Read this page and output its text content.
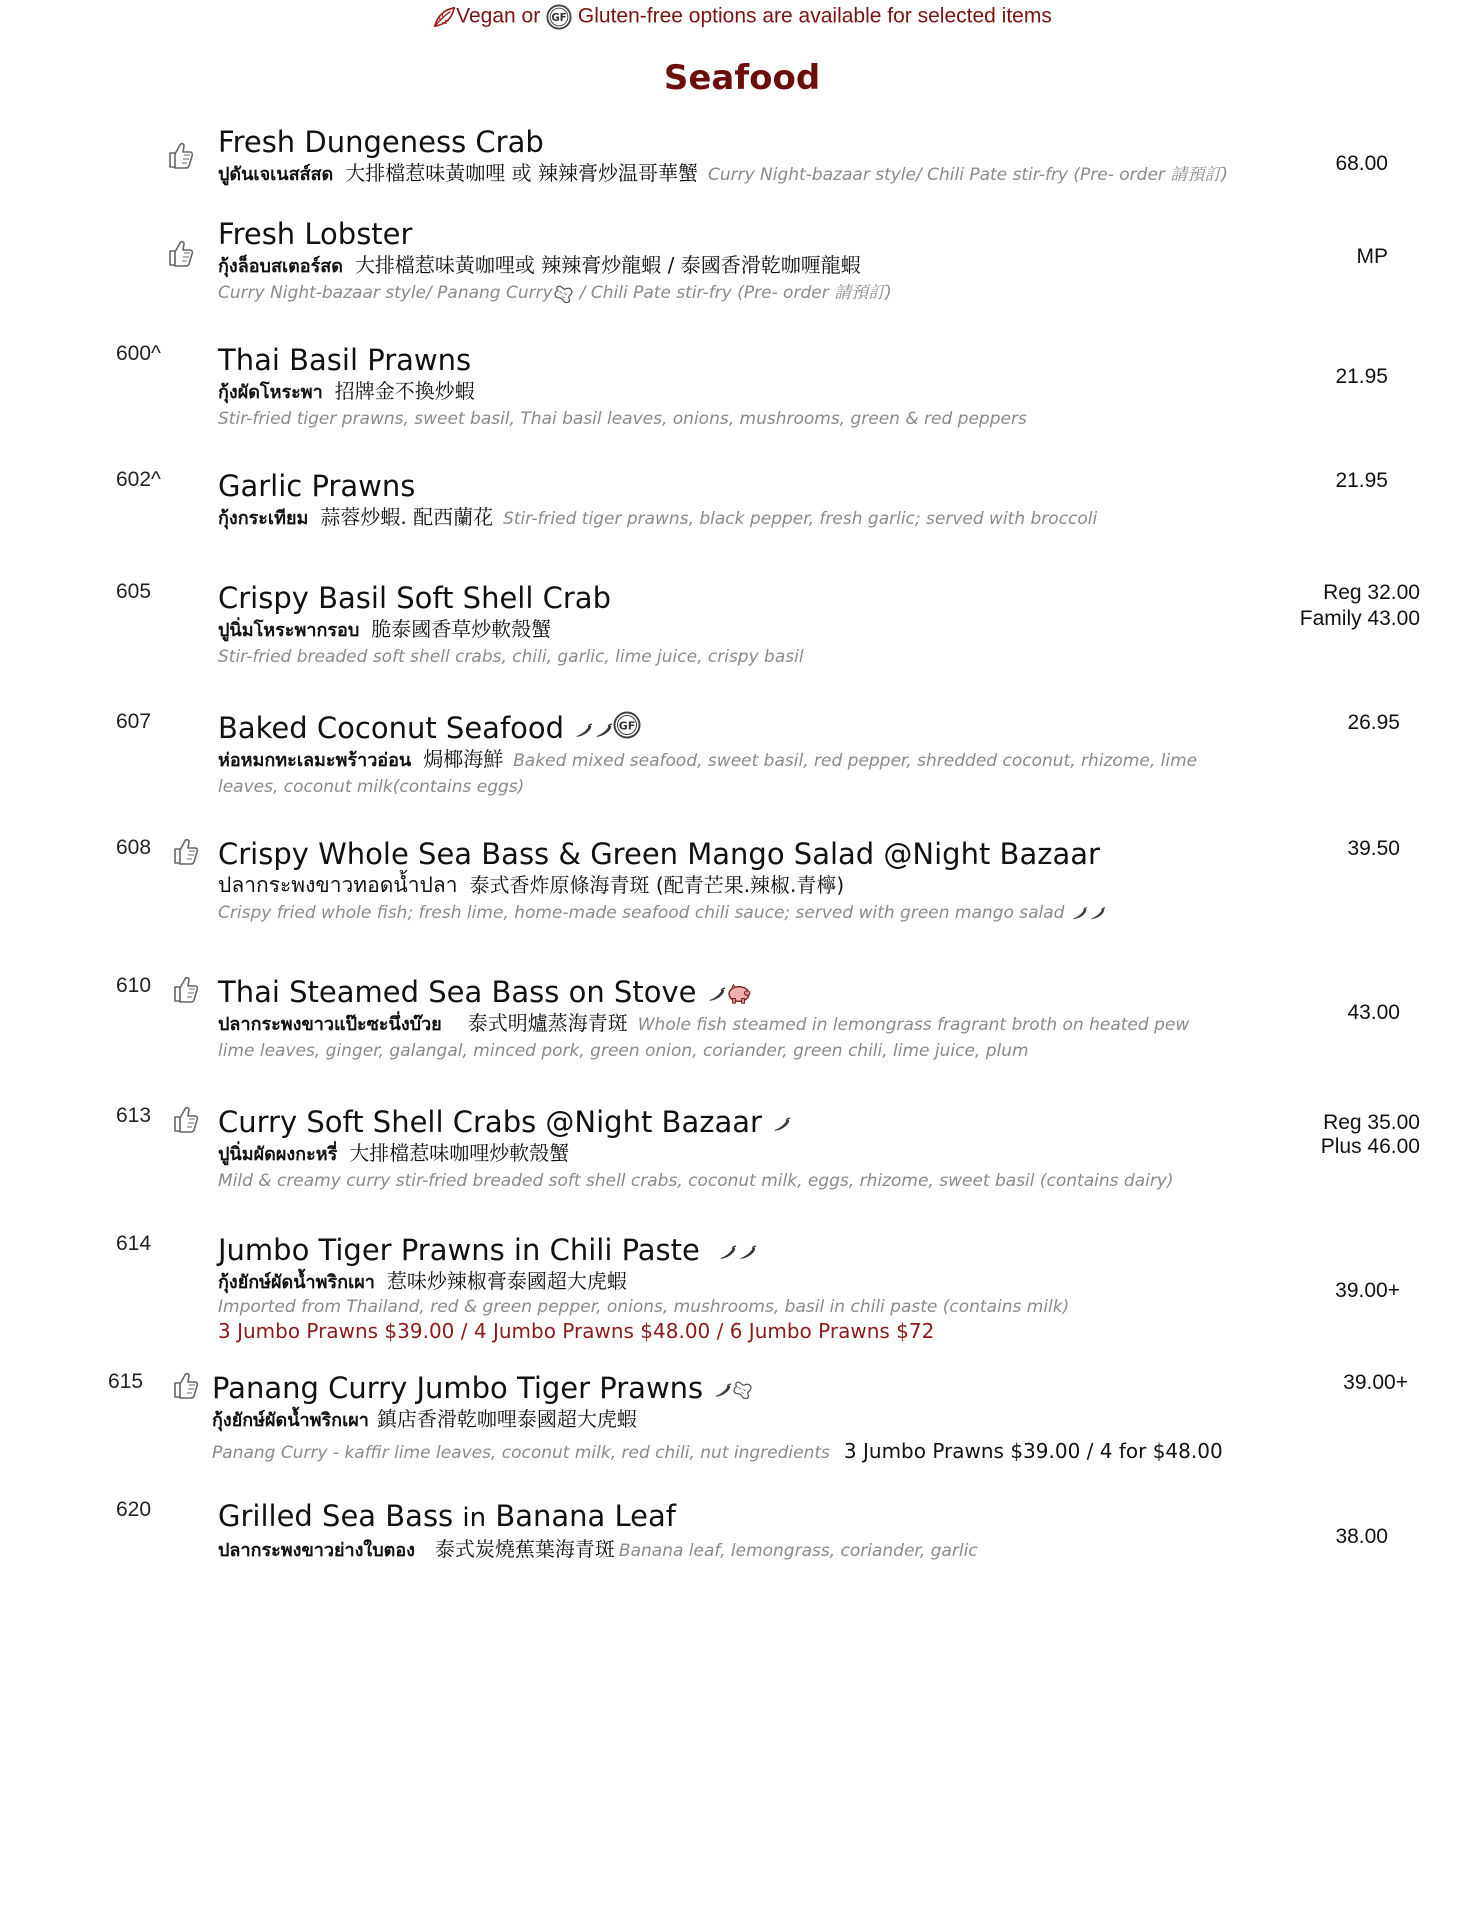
Vegan or Gluten-free options are available for selected items
Seafood
Fresh Dungeness Crab
ปูดันเจเนสส์สด 大排檔惹味黃咖哩 或 辣辣膏炒温哥華蟹 Curry Night-bazaar style/ Chili Pate stir-fry (Pre- order 請預訂)	68.00
Fresh Lobster
กุ้งล็อบสเตอร์สด 大排檔惹味黃咖哩或 辣辣膏炒龍蝦 / 泰國香滑乾咖喱龍蝦
Curry Night-bazaar style/ Panang Curry / Chili Pate stir-fry (Pre- order 請預訂)
MP
600^ Thai Basil Prawns
กุ้งผัดโหระพา 招牌金不換炒蝦
Stir-fried tiger prawns, sweet basil, Thai basil leaves, onions, mushrooms, green & red peppers
21.95
602^ Garlic Prawns
กุ้งกระเทียม 蒜蓉炒蝦. 配西蘭花 Stir-fried tiger prawns, black pepper, fresh garlic; served with broccoli
21.95
605 Crispy Basil Soft Shell Crab
ปูนิ่มโหระพากรอบ 脆泰國香草炒軟殼蟹
Stir-fried breaded soft shell crabs, chili, garlic, lime juice, crispy basil
Reg 32.00
Family 43.00
607 Baked Coconut Seafood
ห่อหมกทะเลมะพร้าวอ่อน 焗椰海鮮 Baked mixed seafood, sweet basil, red pepper, shredded coconut, rhizome, lime
leaves, coconut milk(contains eggs)
26.95
608 Crispy Whole Sea Bass & Green Mango Salad @Night Bazaar
ปลากระพงขาวทอดน้ำปลา 泰式香炸原條海青斑 (配青芒果.辣椒.青檸)
Crispy fried whole fish; fresh lime, home-made seafood chili sauce; served with green mango salad
39.50
610 Thai Steamed Sea Bass on Stove
ปลากระพงขาวแป๊ะซะนึ่งบ๊วย 泰式明爐蒸海青斑 Whole fish steamed in lemongrass fragrant broth on heated pew
lime leaves, ginger, galangal, minced pork, green onion, coriander, green chili, lime juice, plum
43.00
613 Curry Soft Shell Crabs @Night Bazaar
ปูนิ่มผัดผงกะหรี่ 大排檔惹味咖哩炒軟殼蟹
Mild & creamy curry stir-fried breaded soft shell crabs, coconut milk, eggs, rhizome, sweet basil (contains dairy)
Reg 35.00
Plus 46.00
614 Jumbo Tiger Prawns in Chili Paste
กุ้งยักษ์ผัดน้ำพริกเผา 惹味炒辣椒膏泰國超大虎蝦
Imported from Thailand, red & green pepper, onions, mushrooms, basil in chili paste (contains milk)
3 Jumbo Prawns $39.00 / 4 Jumbo Prawns $48.00 / 6 Jumbo Prawns $72
39.00+
615 Panang Curry Jumbo Tiger Prawns
กุ้งยักษ์ผัดน้ำพริกเผา 鎮店香滑乾咖哩泰國超大虎蝦
Panang Curry - kaffir lime leaves, coconut milk, red chili, nut ingredients 3 Jumbo Prawns $39.00 / 4 for $48.00
39.00+
620 Grilled Sea Bass in Banana Leaf
ปลากระพงขาวย่างใบตอง 泰式炭燒蕉葉海青斑 Banana leaf, lemongrass, coriander, garlic
38.00
